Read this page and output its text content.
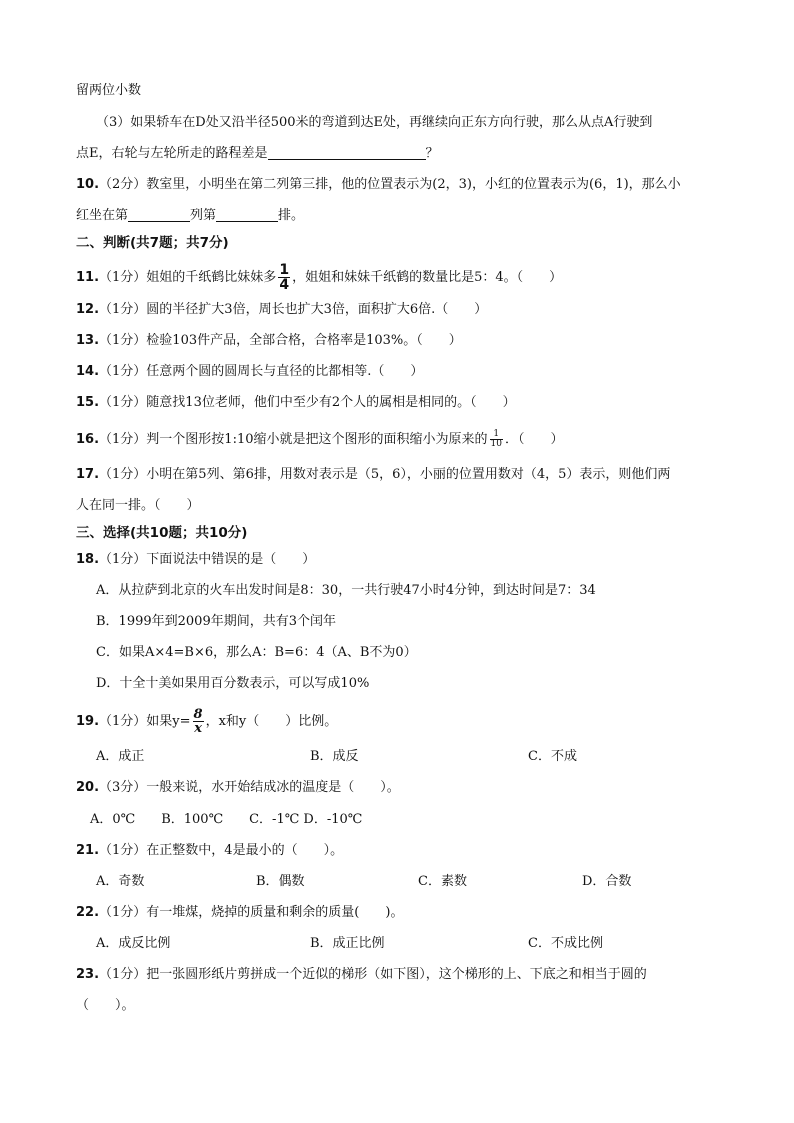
留两位小数
（3）如果轿车在D处又沿半径500米的弯道到达E处，再继续向正东方向行驶，那么从点A行驶到
点E，右轮与左轮所走的路程差是	？
10.（2分）教室里，小明坐在第二列第三排，他的位置表示为(2，3)，小红的位置表示为(6，1)，那么小
红坐在第	列第	排。
二、判断(共7题；共7分)
11.（1分）姐姐的千纸鹤比妹妹多 $\frac{1}{4}$ ，姐姐和妹妹千纸鹤的数量比是5：4。（　　）
12.（1分）圆的半径扩大3倍，周长也扩大3倍，面积扩大6倍.（　　）
13.（1分）检验103件产品，全部合格，合格率是103%。（　　）
14.（1分）任意两个圆的圆周长与直径的比都相等.（　　）
15.（1分）随意找13位老师，他们中至少有2个人的属相是相同的。（　　）
16.（1分）判一个图形按1:10缩小就是把这个图形的面积缩小为原来的 $\frac{1}{10}$ ．（　　）
17.（1分）小明在第5列、第6排，用数对表示是（5，6），小丽的位置用数对（4，5）表示，则他们两
人在同一排。（　　）
三、选择(共10题；共10分)
18.（1分）下面说法中错误的是（　　）
A．从拉萨到北京的火车出发时间是8：30，一共行驶47小时4分钟，到达时间是7：34
B．1999年到2009年期间，共有3个闰年
C．如果A×4=B×6，那么A：B=6：4（A、B不为0）
D．十全十美如果用百分数表示，可以写成10%
19.（1分）如果$y= \frac{8}{x}$ ，x和y（　　）比例。
A．成正	B．成反	C．不成
20.（3分）一般来说，水开始结成冰的温度是（　　）。
A．0℃　　B．100℃　　C．-1℃ D．-10℃
21.（1分）在正整数中，4是最小的（　　）。
A．奇数	B．偶数	C．素数	D．合数
22.（1分）有一堆煤，烧掉的质量和剩余的质量(　　)。
A．成反比例	B．成正比例	C．不成比例
23.（1分）把一张圆形纸片剪拼成一个近似的梯形（如下图），这个梯形的上、下底之和相当于圆的
（　　）。
